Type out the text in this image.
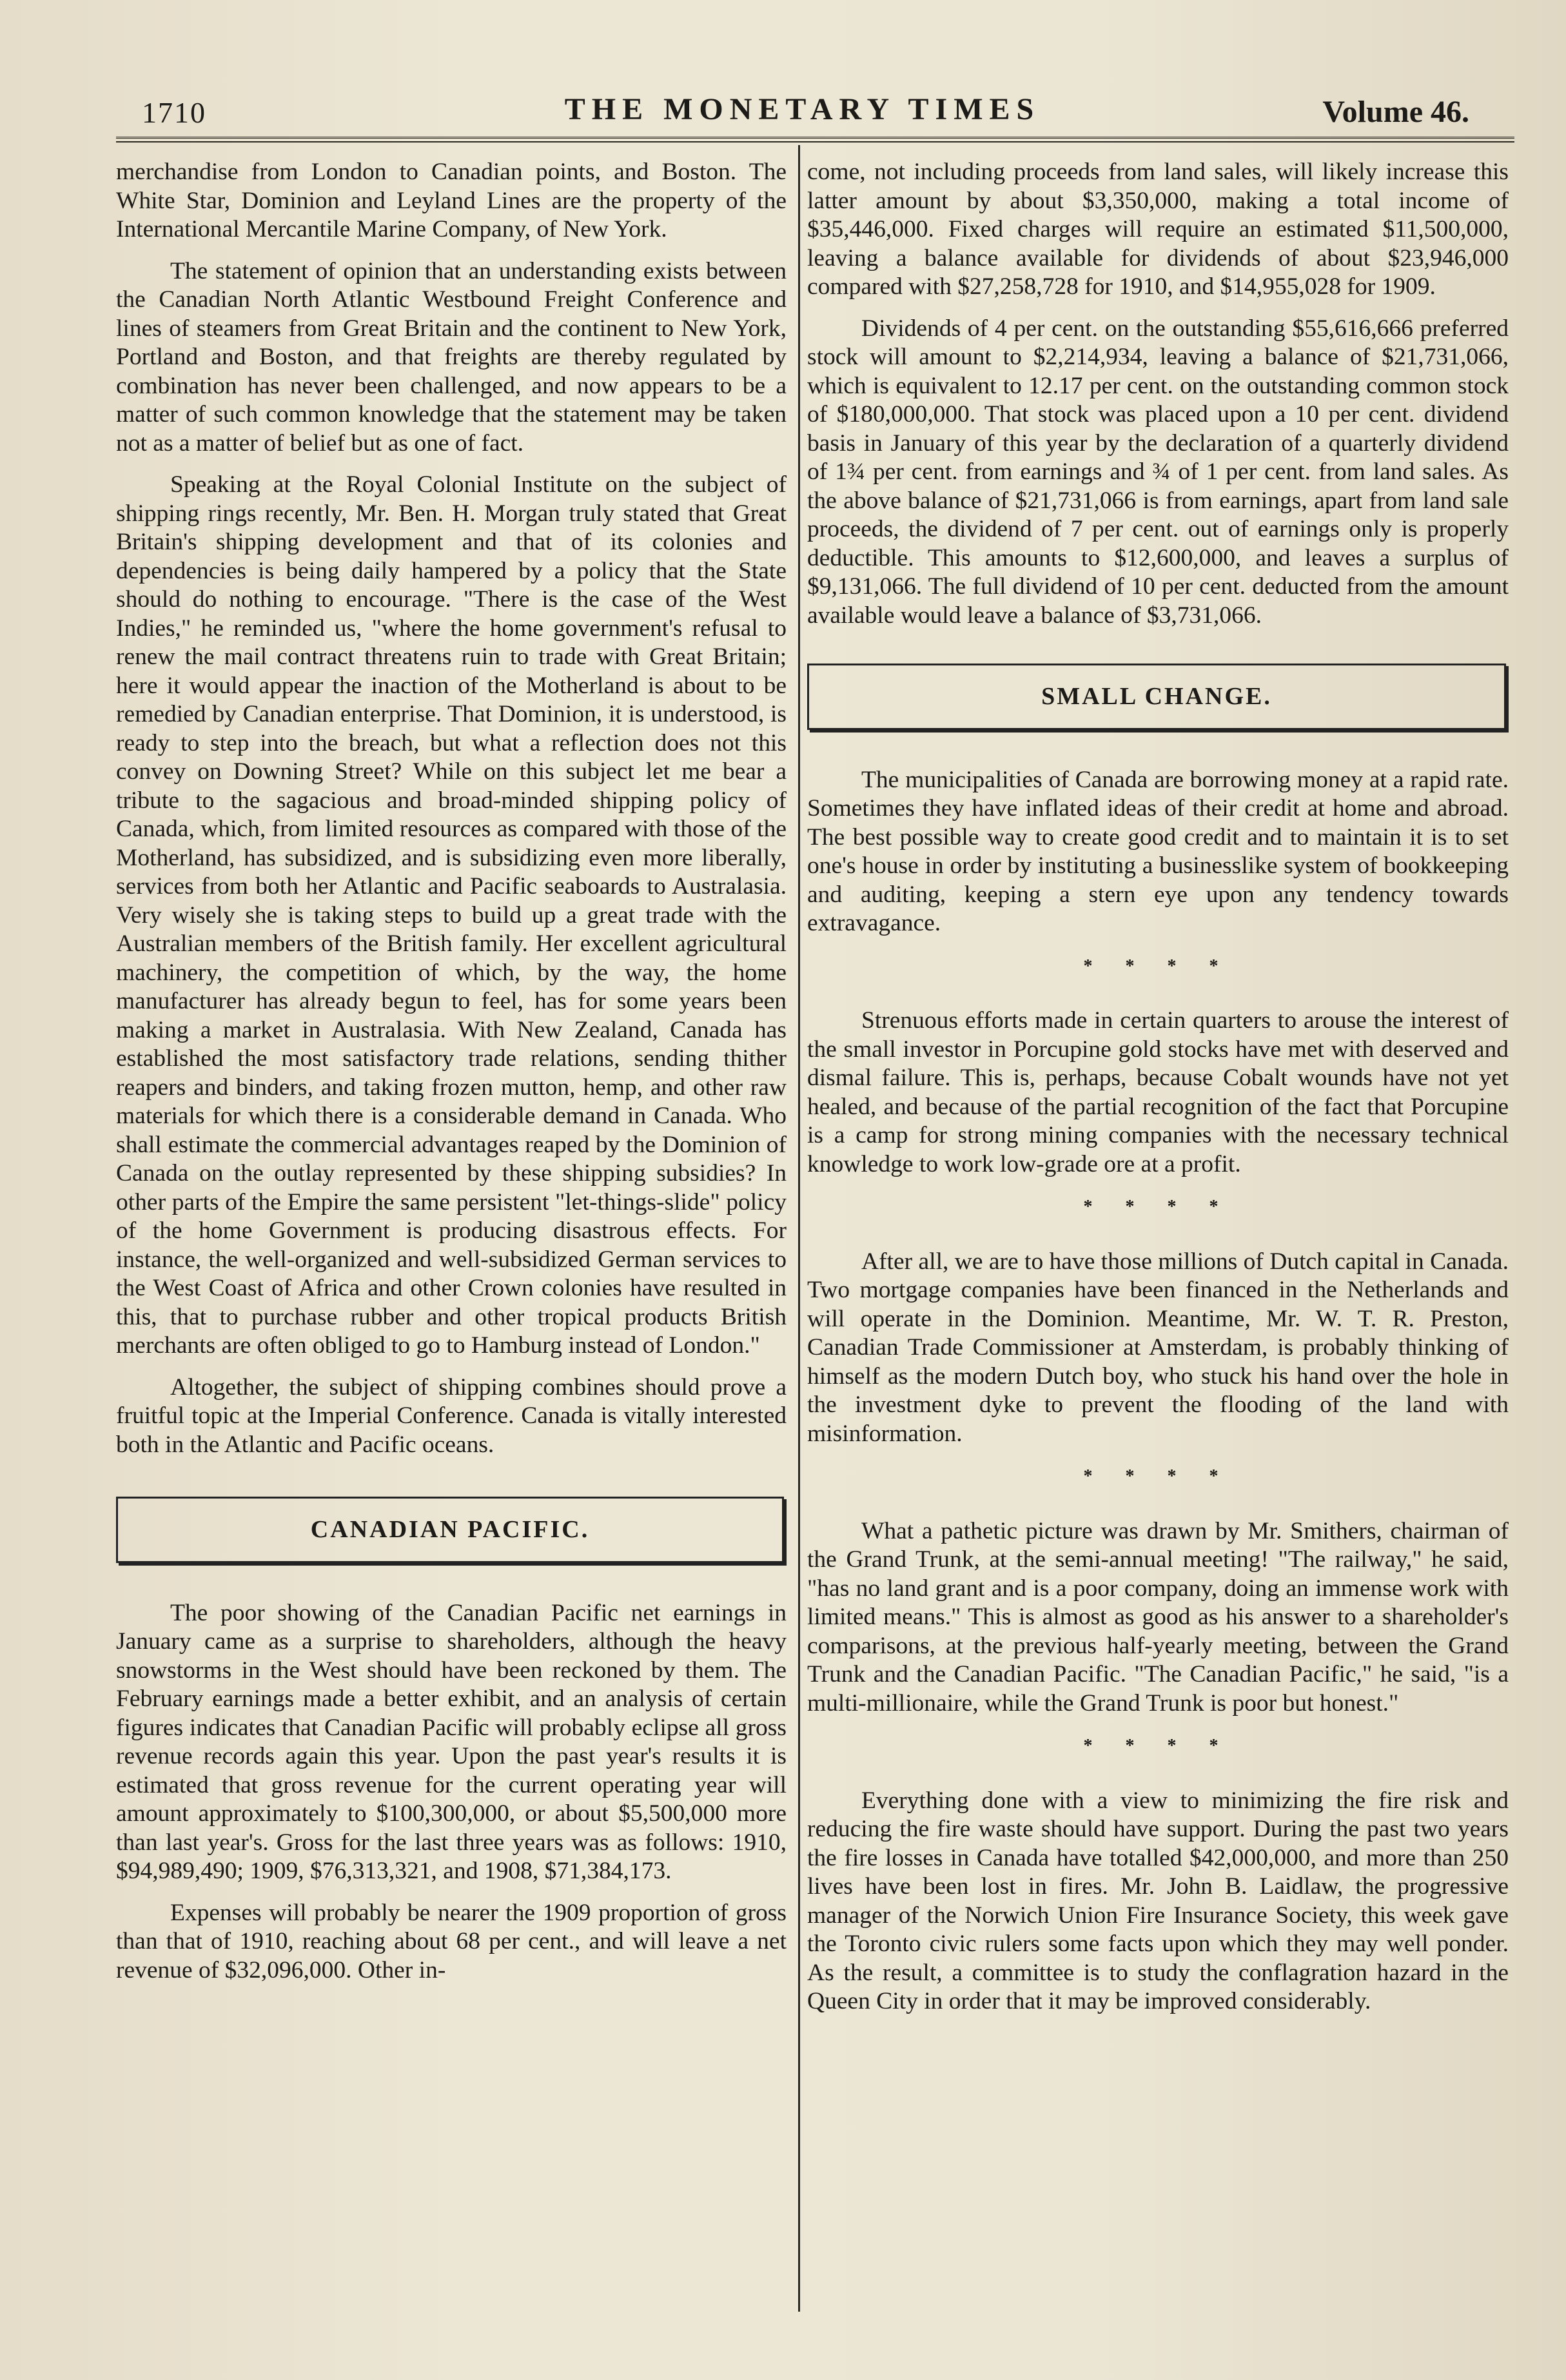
1710	THE MONETARY TIMES	Volume 46.

merchandise from London to Canadian points, and Boston. The White Star, Dominion and Leyland Lines are the property of the International Mercantile Marine Company, of New York.

The statement of opinion that an understanding exists between the Canadian North Atlantic Westbound Freight Conference and lines of steamers from Great Britain and the continent to New York, Portland and Boston, and that freights are thereby regulated by combination has never been challenged, and now appears to be a matter of such common knowledge that the statement may be taken not as a matter of belief but as one of fact.

Speaking at the Royal Colonial Institute on the subject of shipping rings recently, Mr. Ben. H. Morgan truly stated that Great Britain's shipping development and that of its colonies and dependencies is being daily hampered by a policy that the State should do nothing to encourage. "There is the case of the West Indies," he reminded us, "where the home government's refusal to renew the mail contract threatens ruin to trade with Great Britain; here it would appear the inaction of the Motherland is about to be remedied by Canadian enterprise. That Dominion, it is understood, is ready to step into the breach, but what a reflection does not this convey on Downing Street? While on this subject let me bear a tribute to the sagacious and broad-minded shipping policy of Canada, which, from limited resources as compared with those of the Motherland, has subsidized, and is subsidizing even more liberally, services from both her Atlantic and Pacific seaboards to Australasia. Very wisely she is taking steps to build up a great trade with the Australian members of the British family. Her excellent agricultural machinery, the competition of which, by the way, the home manufacturer has already begun to feel, has for some years been making a market in Australasia. With New Zealand, Canada has established the most satisfactory trade relations, sending thither reapers and binders, and taking frozen mutton, hemp, and other raw materials for which there is a considerable demand in Canada. Who shall estimate the commercial advantages reaped by the Dominion of Canada on the outlay represented by these shipping subsidies? In other parts of the Empire the same persistent "let-things-slide" policy of the home Government is producing disastrous effects. For instance, the well-organized and well-subsidized German services to the West Coast of Africa and other Crown colonies have resulted in this, that to purchase rubber and other tropical products British merchants are often obliged to go to Hamburg instead of London."

Altogether, the subject of shipping combines should prove a fruitful topic at the Imperial Conference. Canada is vitally interested both in the Atlantic and Pacific oceans.

CANADIAN PACIFIC.

The poor showing of the Canadian Pacific net earnings in January came as a surprise to shareholders, although the heavy snowstorms in the West should have been reckoned by them. The February earnings made a better exhibit, and an analysis of certain figures indicates that Canadian Pacific will probably eclipse all gross revenue records again this year. Upon the past year's results it is estimated that gross revenue for the current operating year will amount approximately to $100,300,000, or about $5,500,000 more than last year's. Gross for the last three years was as follows: 1910, $94,989,490; 1909, $76,313,321, and 1908, $71,384,173.

Expenses will probably be nearer the 1909 proportion of gross than that of 1910, reaching about 68 per cent., and will leave a net revenue of $32,096,000. Other in-

come, not including proceeds from land sales, will likely increase this latter amount by about $3,350,000, making a total income of $35,446,000. Fixed charges will require an estimated $11,500,000, leaving a balance available for dividends of about $23,946,000 compared with $27,258,728 for 1910, and $14,955,028 for 1909.

Dividends of 4 per cent. on the outstanding $55,616,666 preferred stock will amount to $2,214,934, leaving a balance of $21,731,066, which is equivalent to 12.17 per cent. on the outstanding common stock of $180,000,000. That stock was placed upon a 10 per cent. dividend basis in January of this year by the declaration of a quarterly dividend of 1¾ per cent. from earnings and ¾ of 1 per cent. from land sales. As the above balance of $21,731,066 is from earnings, apart from land sale proceeds, the dividend of 7 per cent. out of earnings only is properly deductible. This amounts to $12,600,000, and leaves a surplus of $9,131,066. The full dividend of 10 per cent. deducted from the amount available would leave a balance of $3,731,066.

SMALL CHANGE.

The municipalities of Canada are borrowing money at a rapid rate. Sometimes they have inflated ideas of their credit at home and abroad. The best possible way to create good credit and to maintain it is to set one's house in order by instituting a businesslike system of bookkeeping and auditing, keeping a stern eye upon any tendency towards extravagance.

* * * *

Strenuous efforts made in certain quarters to arouse the interest of the small investor in Porcupine gold stocks have met with deserved and dismal failure. This is, perhaps, because Cobalt wounds have not yet healed, and because of the partial recognition of the fact that Porcupine is a camp for strong mining companies with the necessary technical knowledge to work low-grade ore at a profit.

* * * *

After all, we are to have those millions of Dutch capital in Canada. Two mortgage companies have been financed in the Netherlands and will operate in the Dominion. Meantime, Mr. W. T. R. Preston, Canadian Trade Commissioner at Amsterdam, is probably thinking of himself as the modern Dutch boy, who stuck his hand over the hole in the investment dyke to prevent the flooding of the land with misinformation.

* * * *

What a pathetic picture was drawn by Mr. Smithers, chairman of the Grand Trunk, at the semi-annual meeting! "The railway," he said, "has no land grant and is a poor company, doing an immense work with limited means." This is almost as good as his answer to a shareholder's comparisons, at the previous half-yearly meeting, between the Grand Trunk and the Canadian Pacific. "The Canadian Pacific," he said, "is a multi-millionaire, while the Grand Trunk is poor but honest."

* * * *

Everything done with a view to minimizing the fire risk and reducing the fire waste should have support. During the past two years the fire losses in Canada have totalled $42,000,000, and more than 250 lives have been lost in fires. Mr. John B. Laidlaw, the progressive manager of the Norwich Union Fire Insurance Society, this week gave the Toronto civic rulers some facts upon which they may well ponder. As the result, a committee is to study the conflagration hazard in the Queen City in order that it may be improved considerably.
